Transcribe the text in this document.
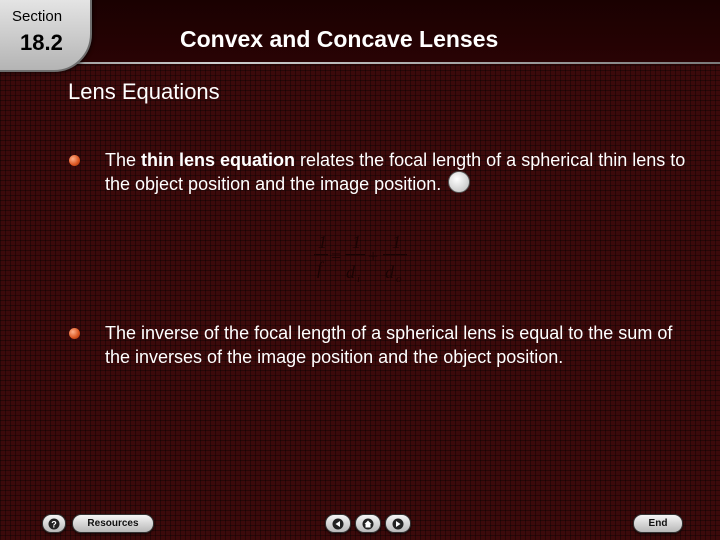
Section
18.2	Convex and Concave Lenses
Lens Equations
The thin lens equation relates the focal length of a spherical thin lens to the object position and the image position.
1
f
=
1
d i
+
1
d o
The inverse of the focal length of a spherical lens is equal to the sum of the inverses of the image position and the object position.
?	Resources	End
